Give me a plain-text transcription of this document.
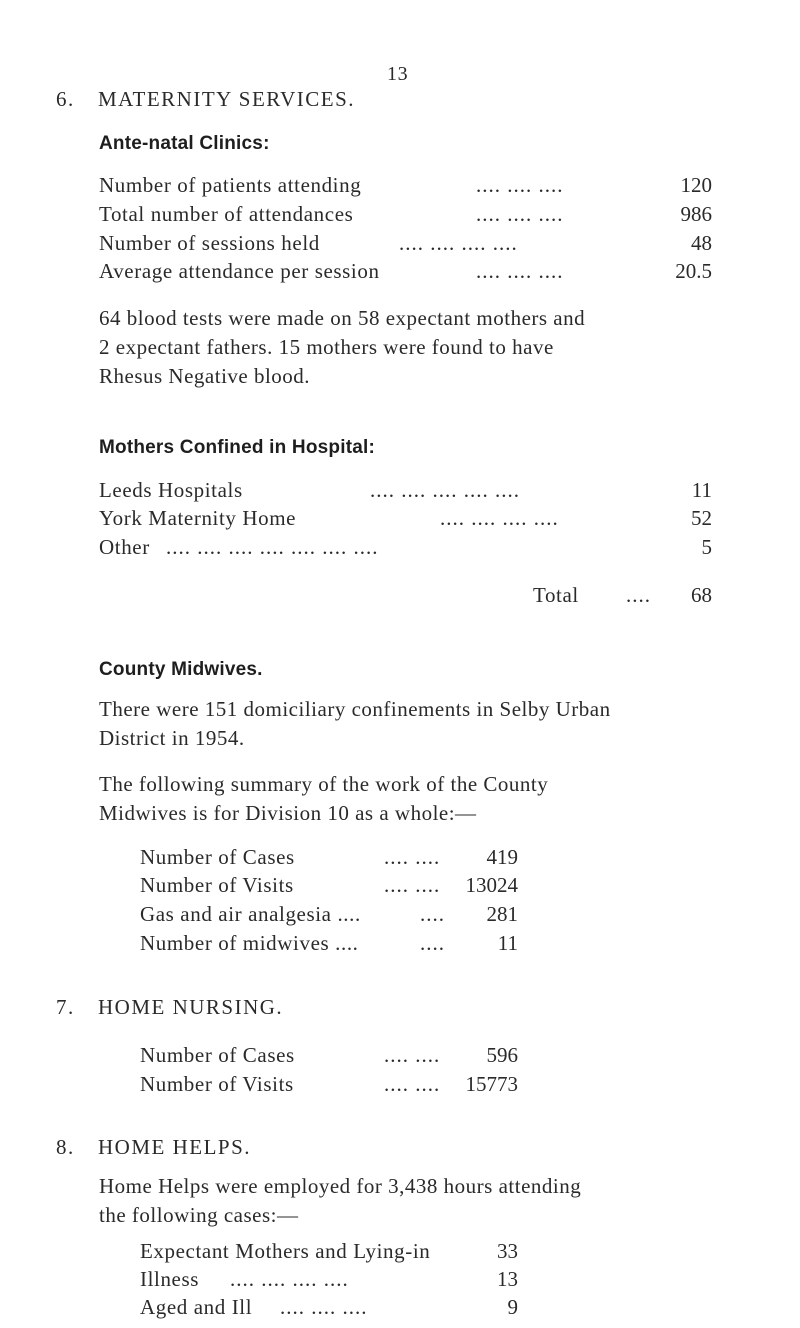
13
6. MATERNITY SERVICES.
Ante-natal Clinics:
Number of patients attending	.... .... ....	120
Total number of attendances	.... .... ....	986
Number of sessions held	.... .... .... ....	48
Average attendance per session	.... .... ....	20.5
64 blood tests were made on 58 expectant mothers and
2 expectant fathers. 15 mothers were found to have
Rhesus Negative blood.
Mothers Confined in Hospital:
Leeds Hospitals	.... .... .... .... ....	11
York Maternity Home	.... .... .... ....	52
Other .... .... .... .... .... .... ....	5
Total ....	68
County Midwives.
There were 151 domiciliary confinements in Selby Urban
District in 1954.
The following summary of the work of the County
Midwives is for Division 10 as a whole:—
Number of Cases	.... ....	419
Number of Visits	.... ....	13024
Gas and air analgesia ....	....	281
Number of midwives ....	....	11
7. HOME NURSING.
Number of Cases	.... ....	596
Number of Visits	.... ....	15773
8. HOME HELPS.
Home Helps were employed for 3,438 hours attending
the following cases:—
Expectant Mothers and Lying-in	33
Illness .... .... .... ....	13
Aged and Ill .... .... ....	9
